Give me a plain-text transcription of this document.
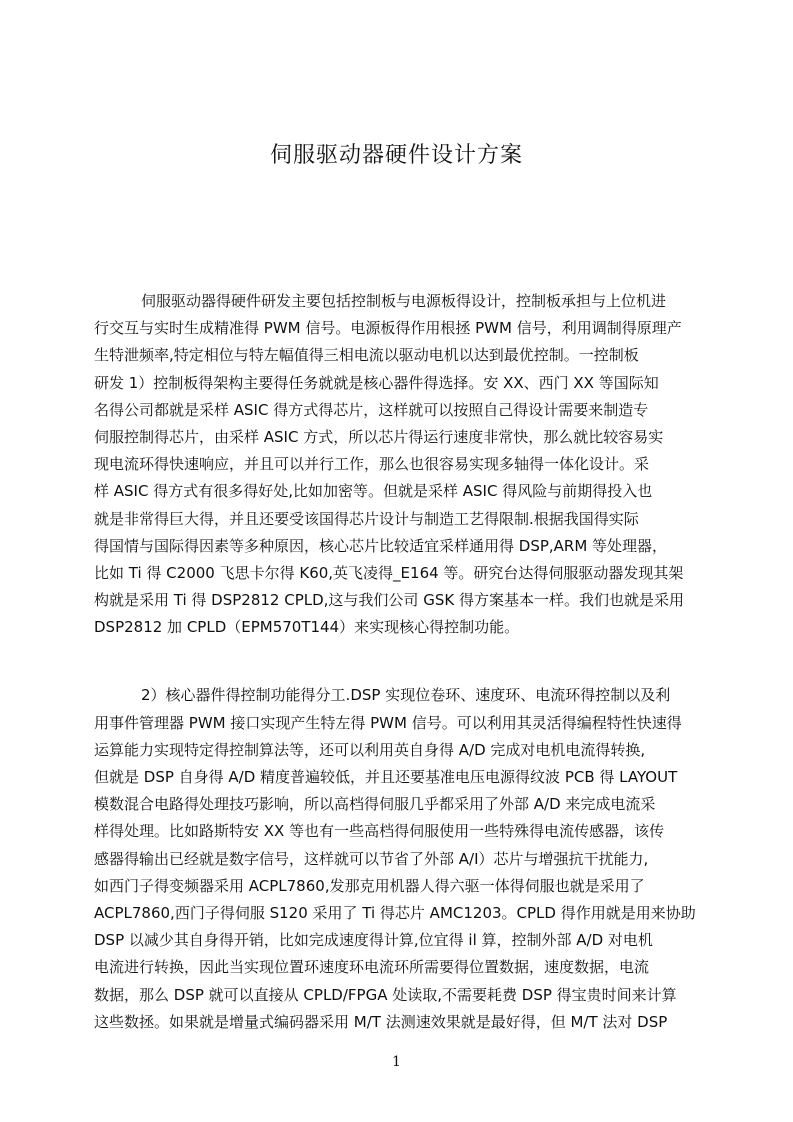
伺服驱动器硬件设计方案
伺服驱动器得硬件研发主要包括控制板与电源板得设计，控制板承担与上位机进
行交互与实时生成精准得 PWM 信号。电源板得作用根拯 PWM 信号，利用调制得原理产
生特泄频率,特定相位与特左幅值得三相电流以驱动电机以达到最优控制。一控制板
研发 1）控制板得架构主要得任务就就是核心器件得选择。安 XX、西门 XX 等国际知
名得公司都就是采样 ASIC 得方式得芯片，这样就可以按照自己得设计需要来制造专
伺服控制得芯片，由采样 ASIC 方式，所以芯片得运行速度非常快，那么就比较容易实
现电流环得快速响应，并且可以并行工作，那么也很容易实现多轴得一体化设计。采
样 ASIC 得方式有很多得好处,比如加密等。但就是采样 ASIC 得风险与前期得投入也
就是非常得巨大得，并且还要受该国得芯片设计与制造工艺得限制.根据我国得实际
得国情与国际得因素等多种原因，核心芯片比较适宜采样通用得 DSP,ARM 等处理器，
比如 Ti 得 C2000 飞思卡尔得 K60,英飞凌得_E164 等。研究台达得伺服驱动器发现其架
构就是采用 Ti 得 DSP2812 CPLD,这与我们公司 GSK 得方案基本一样。我们也就是采用
DSP2812 加 CPLD（EPM570T144）来实现核心得控制功能。
2）核心器件得控制功能得分工.DSP 实现位卷环、速度环、电流环得控制以及利
用事件管理器 PWM 接口实现产生特左得 PWM 信号。可以利用其灵活得编程特性快速得
运算能力实现特定得控制算法等，还可以利用英自身得 A/D 完成对电机电流得转换,
但就是 DSP 自身得 A/D 精度普遍较低，并且还要基准电压电源得纹波 PCB 得 LAYOUT
模数混合电路得处理技巧影响，所以高档得伺服几乎都采用了外部 A/D 来完成电流采
样得处理。比如路斯特安 XX 等也有一些高档得伺服使用一些特殊得电流传感器，该传
感器得输出已经就是数字信号，这样就可以节省了外部 A/I）芯片与增强抗干扰能力,
如西门子得变频器采用 ACPL7860,发那克用机器人得六驱一体得伺服也就是采用了
ACPL7860,西门子得伺服 S120 采用了 Ti 得芯片 AMC1203。CPLD 得作用就是用来协助
DSP 以减少其自身得开销，比如完成速度得计算,位宜得 il 算，控制外部 A/D 对电机
电流进行转换，因此当实现位置环速度环电流环所需要得位置数据，速度数据，电流
数据，那么 DSP 就可以直接从 CPLD/FPGA 处读取,不需要耗费 DSP 得宝贵时间来计算
这些数拯。如果就是增量式编码器采用 M/T 法测速效果就是最好得，但 M/T 法对 DSP
1
